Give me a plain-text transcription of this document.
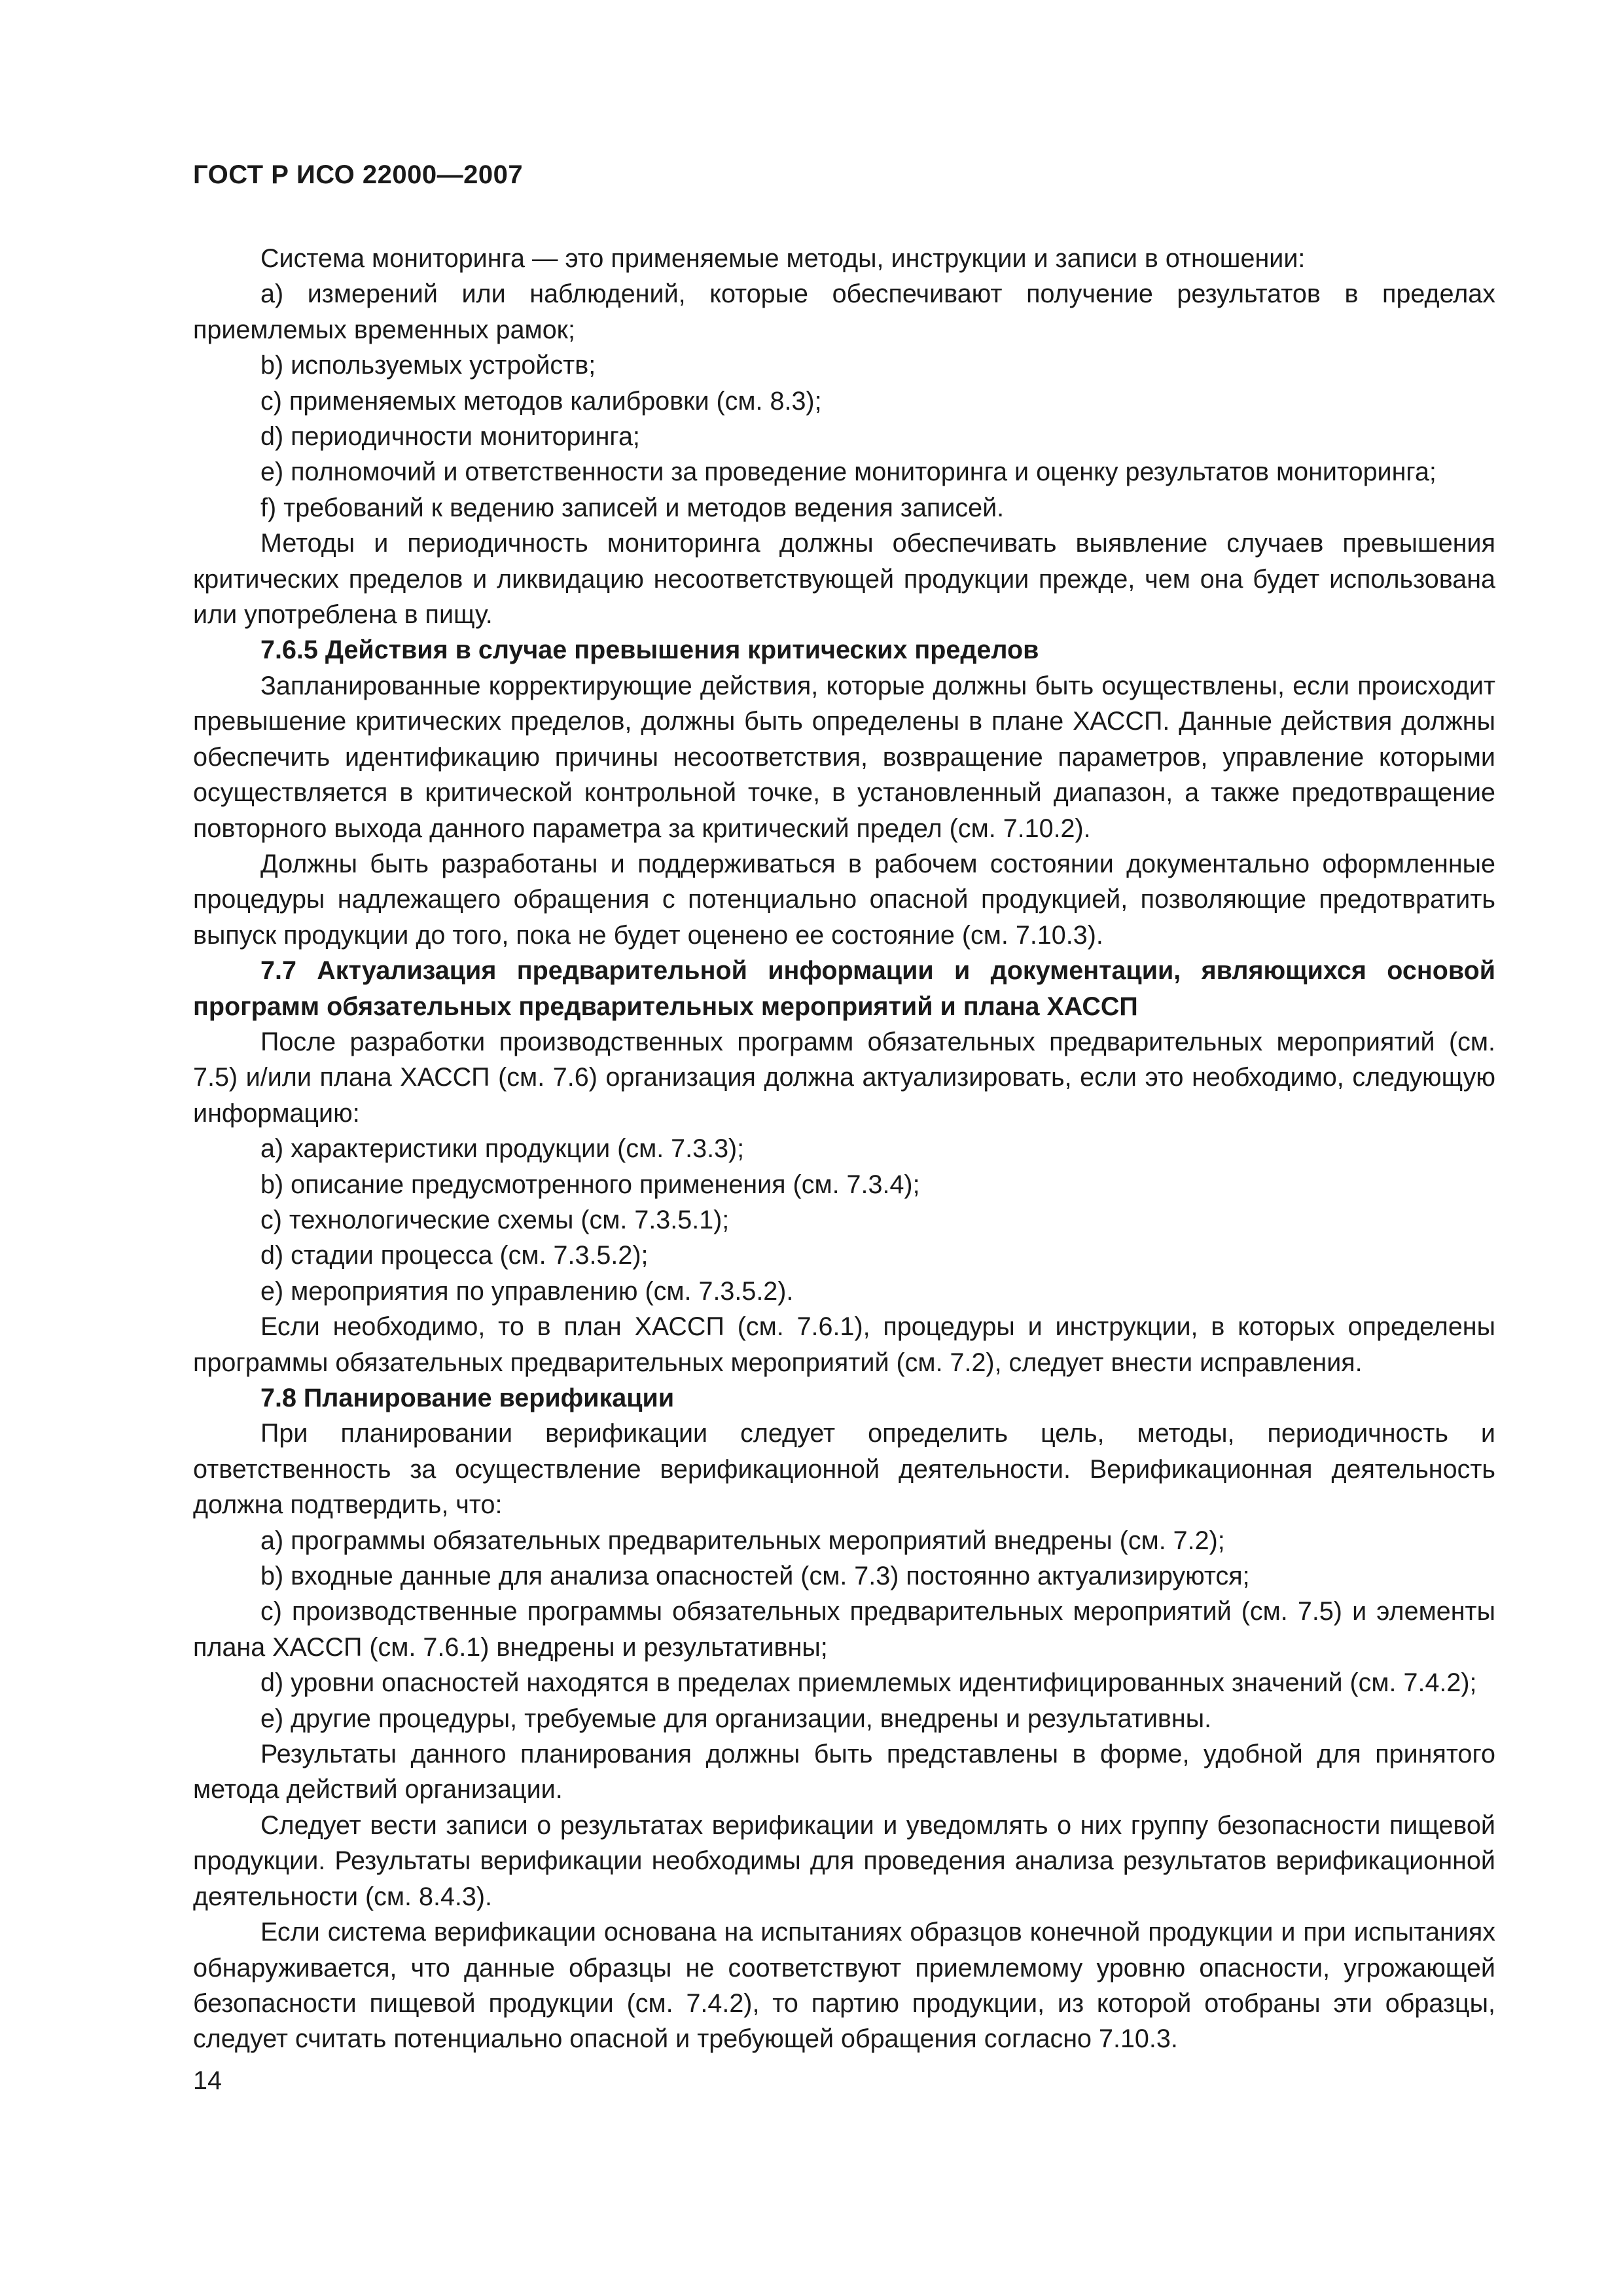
ГОСТ Р ИСО 22000—2007

Система мониторинга — это применяемые методы, инструкции и записи в отношении:

a) измерений или наблюдений, которые обеспечивают получение результатов в пределах приемлемых временных рамок;

b) используемых устройств;

c) применяемых методов калибровки (см. 8.3);

d) периодичности мониторинга;

e) полномочий и ответственности за проведение мониторинга и оценку результатов мониторинга;

f) требований к ведению записей и методов ведения записей.

Методы и периодичность мониторинга должны обеспечивать выявление случаев превышения критических пределов и ликвидацию несоответствующей продукции прежде, чем она будет использована или употреблена в пищу.

7.6.5 Действия в случае превышения критических пределов

Запланированные корректирующие действия, которые должны быть осуществлены, если происходит превышение критических пределов, должны быть определены в плане ХАССП. Данные действия должны обеспечить идентификацию причины несоответствия, возвращение параметров, управление которыми осуществляется в критической контрольной точке, в установленный диапазон, а также предотвращение повторного выхода данного параметра за критический предел (см. 7.10.2).

Должны быть разработаны и поддерживаться в рабочем состоянии документально оформленные процедуры надлежащего обращения с потенциально опасной продукцией, позволяющие предотвратить выпуск продукции до того, пока не будет оценено ее состояние (см. 7.10.3).

7.7 Актуализация предварительной информации и документации, являющихся основой программ обязательных предварительных мероприятий и плана ХАССП

После разработки производственных программ обязательных предварительных мероприятий (см. 7.5) и/или плана ХАССП (см. 7.6) организация должна актуализировать, если это необходимо, следующую информацию:

a) характеристики продукции (см. 7.3.3);

b) описание предусмотренного применения (см. 7.3.4);

c) технологические схемы (см. 7.3.5.1);

d) стадии процесса (см. 7.3.5.2);

e) мероприятия по управлению (см. 7.3.5.2).

Если необходимо, то в план ХАССП (см. 7.6.1), процедуры и инструкции, в которых определены программы обязательных предварительных мероприятий (см. 7.2), следует внести исправления.

7.8 Планирование верификации

При планировании верификации следует определить цель, методы, периодичность и ответственность за осуществление верификационной деятельности. Верификационная деятельность должна подтвердить, что:

a) программы обязательных предварительных мероприятий внедрены (см. 7.2);

b) входные данные для анализа опасностей (см. 7.3) постоянно актуализируются;

c) производственные программы обязательных предварительных мероприятий (см. 7.5) и элементы плана ХАССП (см. 7.6.1) внедрены и результативны;

d) уровни опасностей находятся в пределах приемлемых идентифицированных значений (см. 7.4.2);

e) другие процедуры, требуемые для организации, внедрены и результативны.

Результаты данного планирования должны быть представлены в форме, удобной для принятого метода действий организации.

Следует вести записи о результатах верификации и уведомлять о них группу безопасности пищевой продукции. Результаты верификации необходимы для проведения анализа результатов верификационной деятельности (см. 8.4.3).

Если система верификации основана на испытаниях образцов конечной продукции и при испытаниях обнаруживается, что данные образцы не соответствуют приемлемому уровню опасности, угрожающей безопасности пищевой продукции (см. 7.4.2), то партию продукции, из которой отобраны эти образцы, следует считать потенциально опасной и требующей обращения согласно 7.10.3.

14
